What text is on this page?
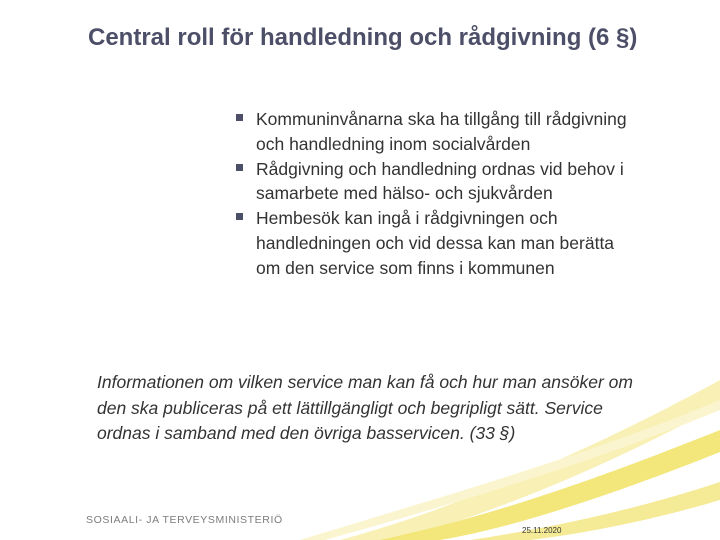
Central roll för handledning och rådgivning (6 §)
Kommuninvånarna ska ha tillgång till rådgivning och handledning inom socialvården
Rådgivning och handledning ordnas vid behov i samarbete med hälso- och sjukvården
Hembesök kan ingå i rådgivningen och handledningen och vid dessa kan man berätta om den service som finns i kommunen
Informationen om vilken service man kan få och hur man ansöker om den ska publiceras på ett lättillgängligt och begripligt sätt. Service ordnas i samband med den övriga basservicen. (33 §)
SOSIAALI- JA TERVEYSMINISTERIÖ
25.11.2020
